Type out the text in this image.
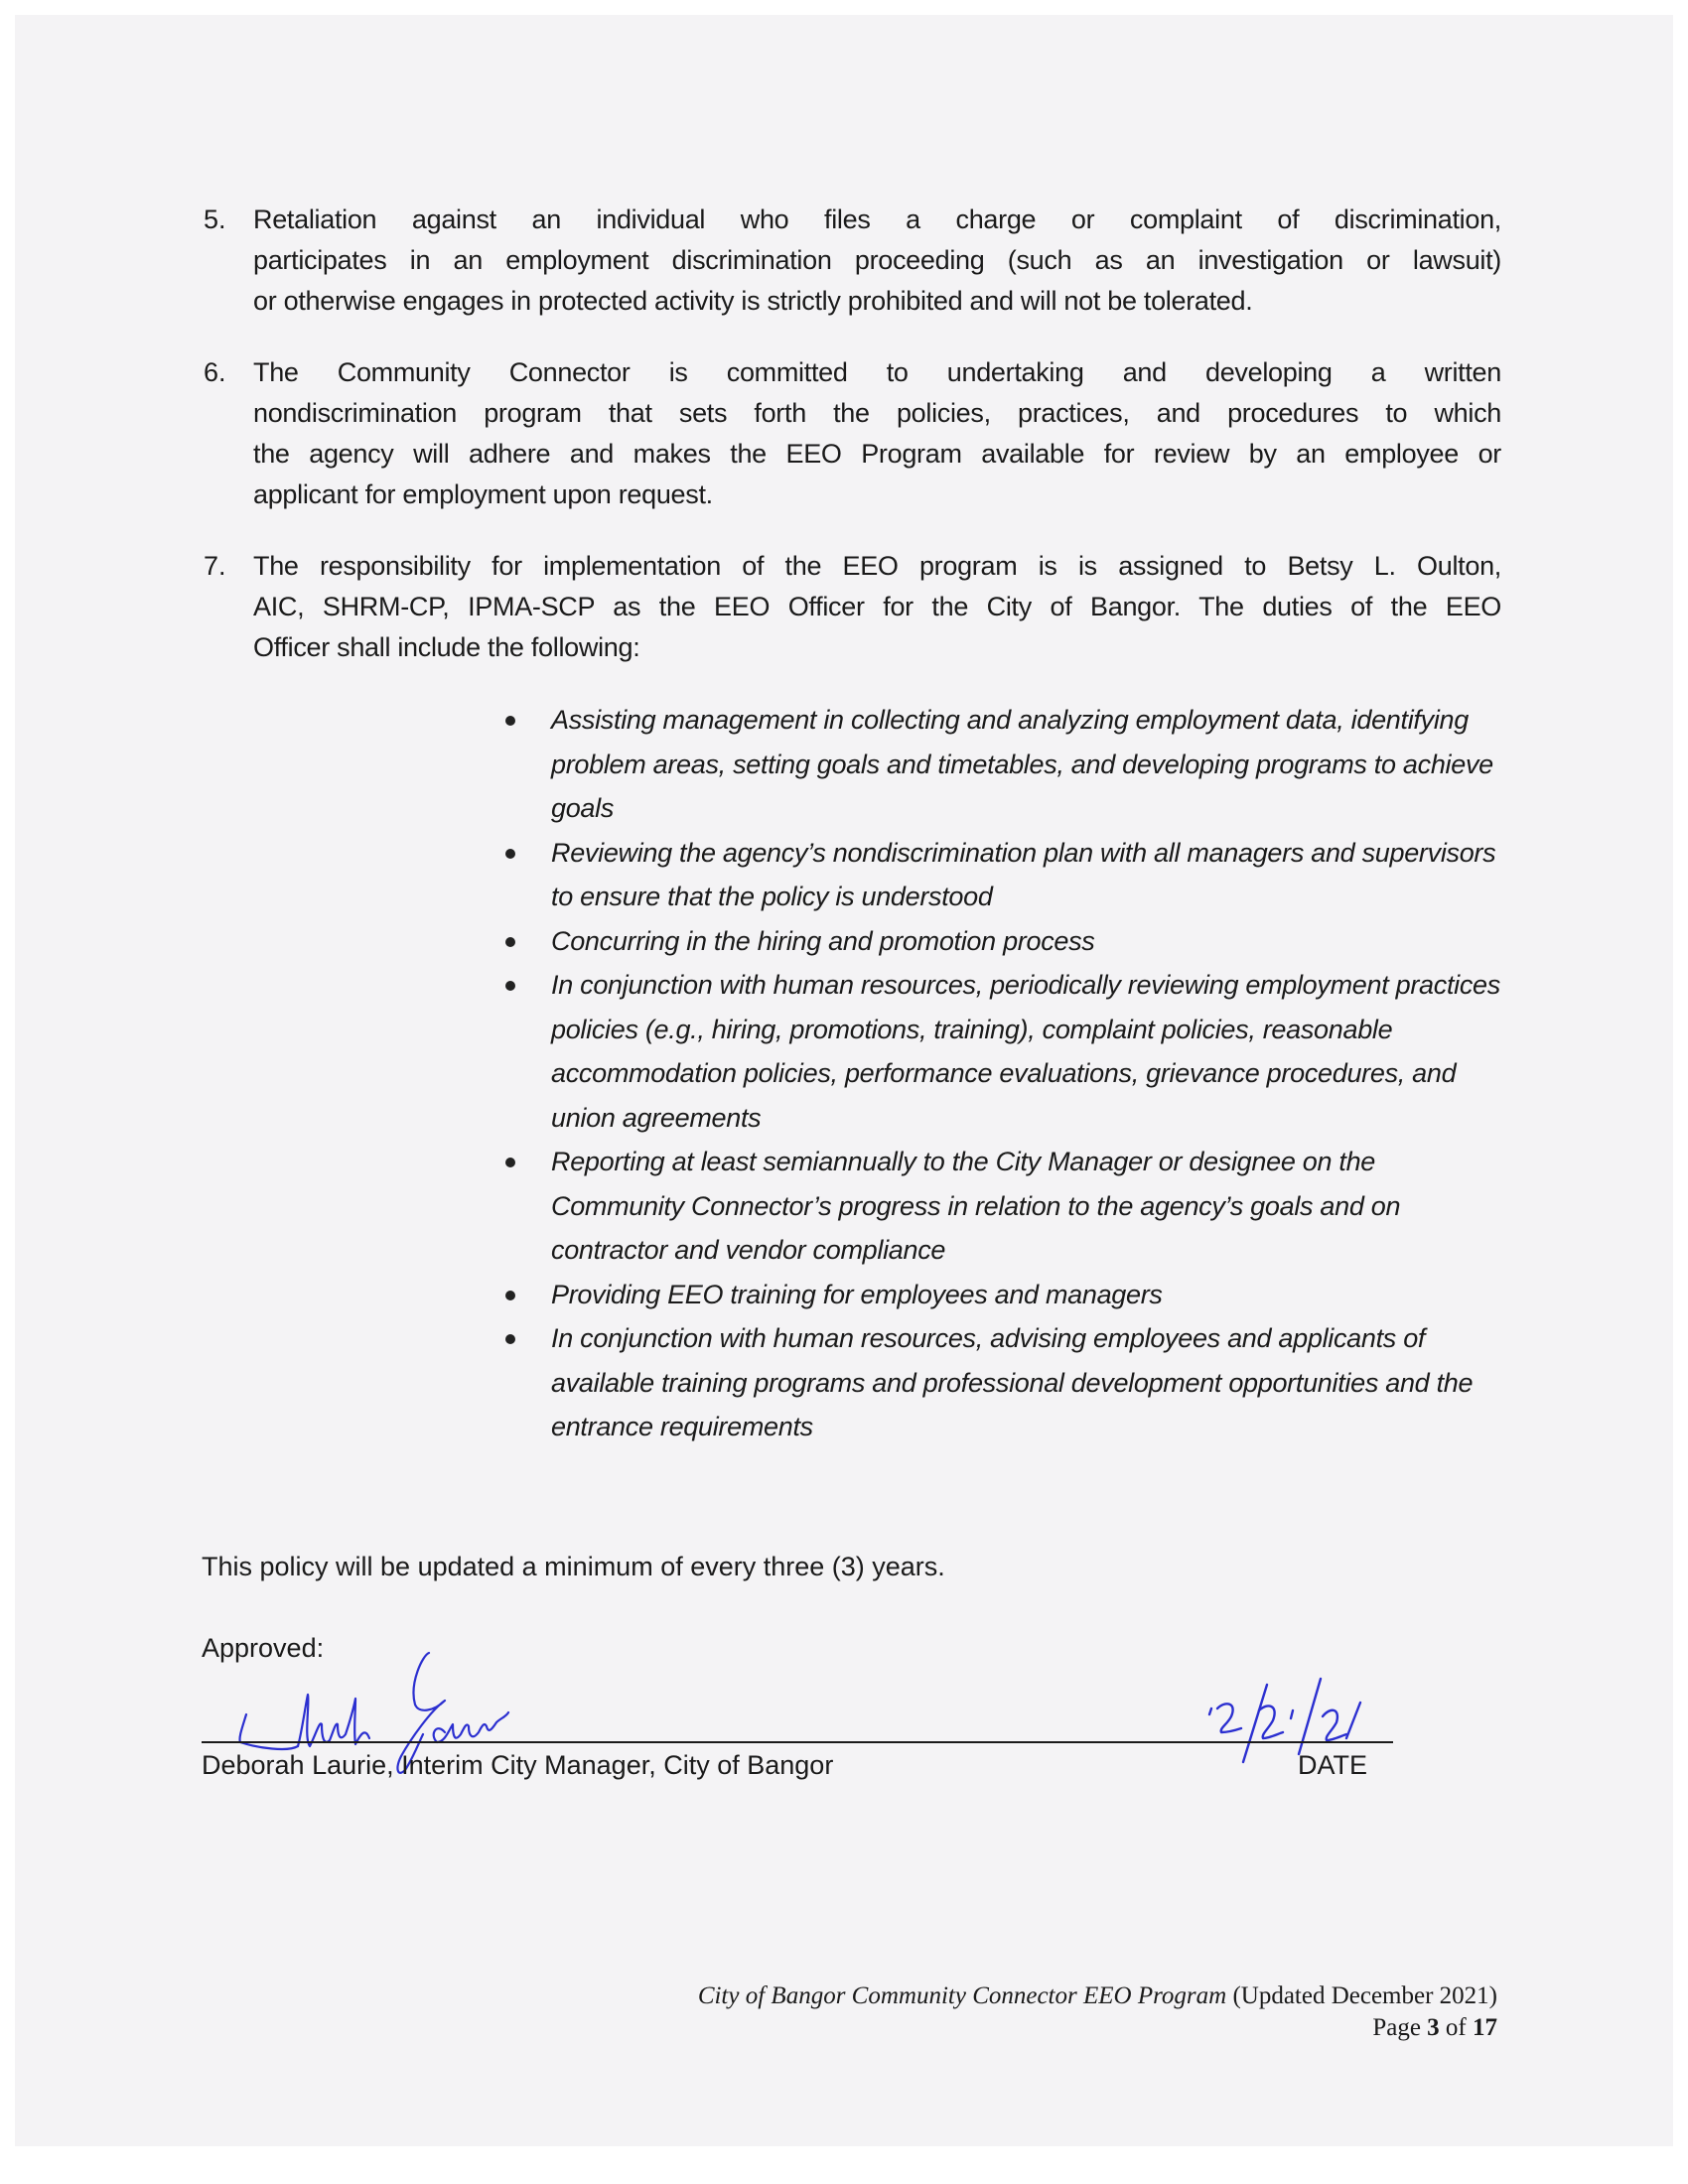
5. Retaliation against an individual who files a charge or complaint of discrimination,
participates in an employment discrimination proceeding (such as an investigation or lawsuit)
or otherwise engages in protected activity is strictly prohibited and will not be tolerated.
6. The Community Connector is committed to undertaking and developing a written
nondiscrimination program that sets forth the policies, practices, and procedures to which
the agency will adhere and makes the EEO Program available for review by an employee or
applicant for employment upon request.
7. The responsibility for implementation of the EEO program is is assigned to Betsy L. Oulton,
AIC, SHRM-CP, IPMA-SCP as the EEO Officer for the City of Bangor. The duties of the EEO
Officer shall include the following:
Assisting management in collecting and analyzing employment data, identifying problem areas, setting goals and timetables, and developing programs to achieve goals
Reviewing the agency’s nondiscrimination plan with all managers and supervisors to ensure that the policy is understood
Concurring in the hiring and promotion process
In conjunction with human resources, periodically reviewing employment practices policies (e.g., hiring, promotions, training), complaint policies, reasonable accommodation policies, performance evaluations, grievance procedures, and union agreements
Reporting at least semiannually to the City Manager or designee on the Community Connector’s progress in relation to the agency’s goals and on contractor and vendor compliance
Providing EEO training for employees and managers
In conjunction with human resources, advising employees and applicants of available training programs and professional development opportunities and the entrance requirements
This policy will be updated a minimum of every three (3) years.
Approved:
Deborah Laurie, Interim City Manager, City of Bangor	DATE
City of Bangor Community Connector EEO Program (Updated December 2021)
Page 3 of 17
